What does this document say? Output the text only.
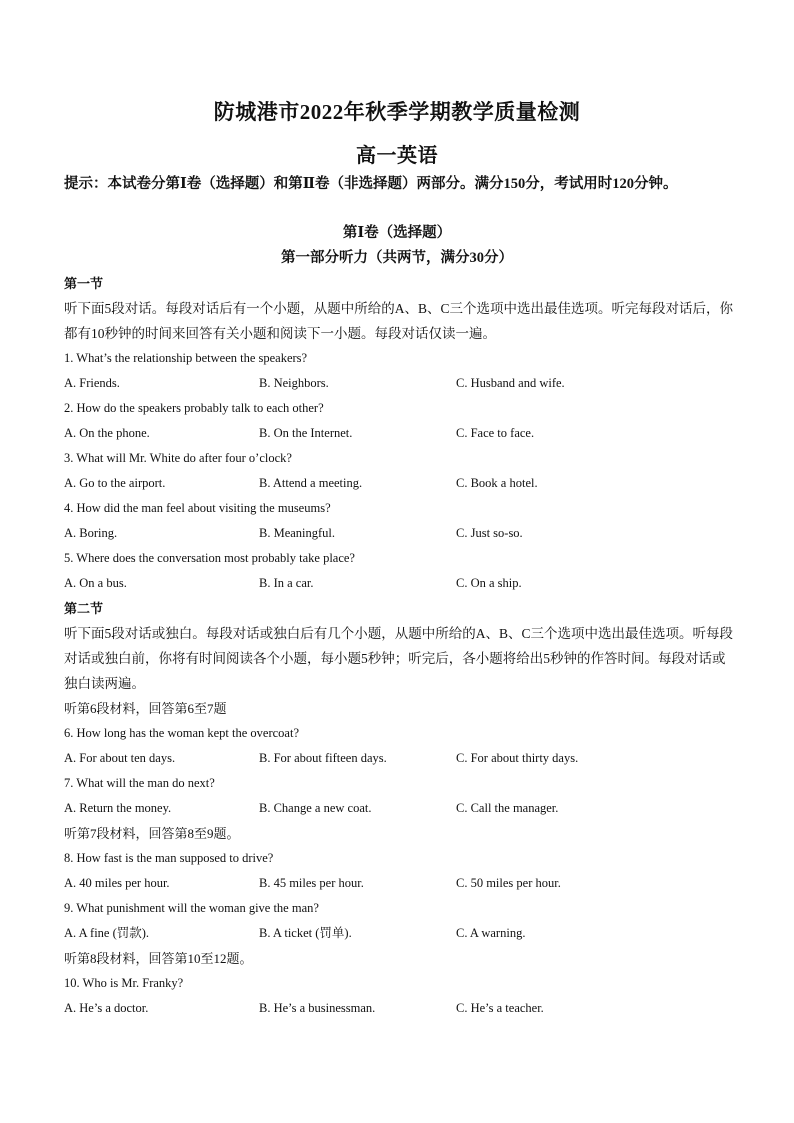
防城港市2022年秋季学期教学质量检测
高一英语
提示：本试卷分第Ⅰ卷（选择题）和第Ⅱ卷（非选择题）两部分。满分150分，考试用时120分钟。
第Ⅰ卷（选择题）
第一部分听力（共两节，满分30分）
第一节
听下面5段对话。每段对话后有一个小题，从题中所给的A、B、C三个选项中选出最佳选项。听完每段对话后，你都有10秒钟的时间来回答有关小题和阅读下一小题。每段对话仅读一遍。
1. What’s the relationship between the speakers?
A. Friends.	B. Neighbors.	C. Husband and wife.
2. How do the speakers probably talk to each other?
A. On the phone.	B. On the Internet.	C. Face to face.
3. What will Mr. White do after four o’clock?
A. Go to the airport.	B. Attend a meeting.	C. Book a hotel.
4. How did the man feel about visiting the museums?
A. Boring.	B. Meaningful.	C. Just so-so.
5. Where does the conversation most probably take place?
A. On a bus.	B. In a car.	C. On a ship.
第二节
听下面5段对话或独白。每段对话或独白后有几个小题，从题中所给的A、B、C三个选项中选出最佳选项。听每段对话或独白前，你将有时间阅读各个小题，每小题5秒钟；听完后，各小题将给出5秒钟的作答时间。每段对话或独白读两遍。
听第6段材料，回答第6至7题
6. How long has the woman kept the overcoat?
A. For about ten days.	B. For about fifteen days.	C. For about thirty days.
7. What will the man do next?
A. Return the money.	B. Change a new coat.	C. Call the manager.
听第7段材料，回答第8至9题。
8. How fast is the man supposed to drive?
A. 40 miles per hour.	B. 45 miles per hour.	C. 50 miles per hour.
9. What punishment will the woman give the man?
A. A fine (罚款).	B. A ticket (罚单).	C. A warning.
听第8段材料，回答第10至12题。
10. Who is Mr. Franky?
A. He’s a doctor.	B. He’s a businessman.	C. He’s a teacher.
